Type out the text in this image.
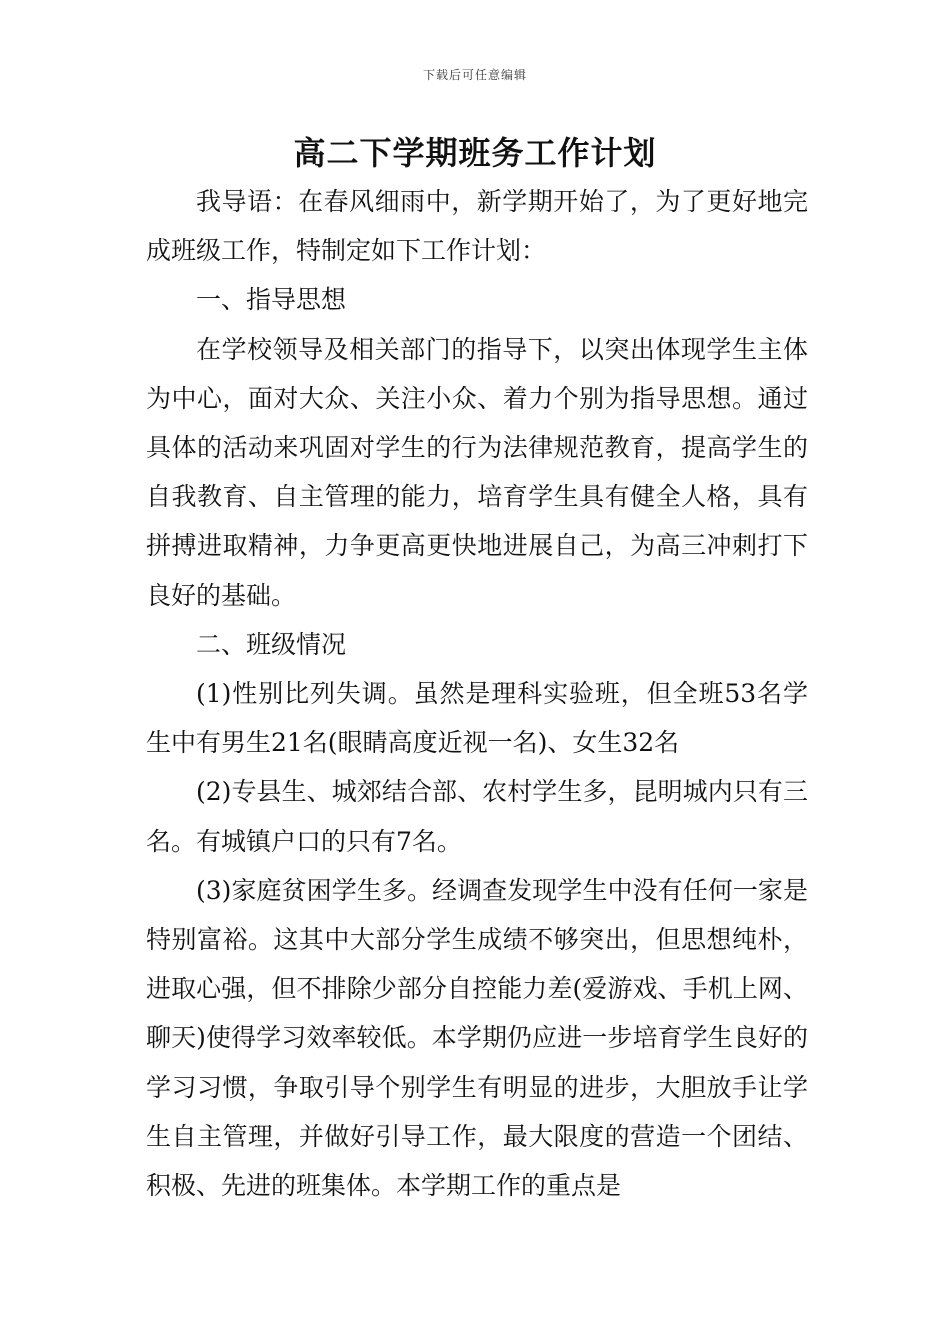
下载后可任意编辑
高二下学期班务工作计划

我导语：在春风细雨中，新学期开始了，为了更好地完成班级工作，特制定如下工作计划：

一、指导思想

在学校领导及相关部门的指导下，以突出体现学生主体为中心，面对大众、关注小众、着力个别为指导思想。通过具体的活动来巩固对学生的行为法律规范教育，提高学生的自我教育、自主管理的能力，培育学生具有健全人格，具有拼搏进取精神，力争更高更快地进展自己，为高三冲刺打下良好的基础。

二、班级情况

(1)性别比列失调。虽然是理科实验班，但全班53名学生中有男生21名(眼睛高度近视一名)、女生32名

(2)专县生、城郊结合部、农村学生多，昆明城内只有三名。有城镇户口的只有7名。

(3)家庭贫困学生多。经调查发现学生中没有任何一家是特别富裕。这其中大部分学生成绩不够突出，但思想纯朴，进取心强，但不排除少部分自控能力差(爱游戏、手机上网、聊天)使得学习效率较低。本学期仍应进一步培育学生良好的学习习惯，争取引导个别学生有明显的进步，大胆放手让学生自主管理，并做好引导工作，最大限度的营造一个团结、积极、先进的班集体。本学期工作的重点是
